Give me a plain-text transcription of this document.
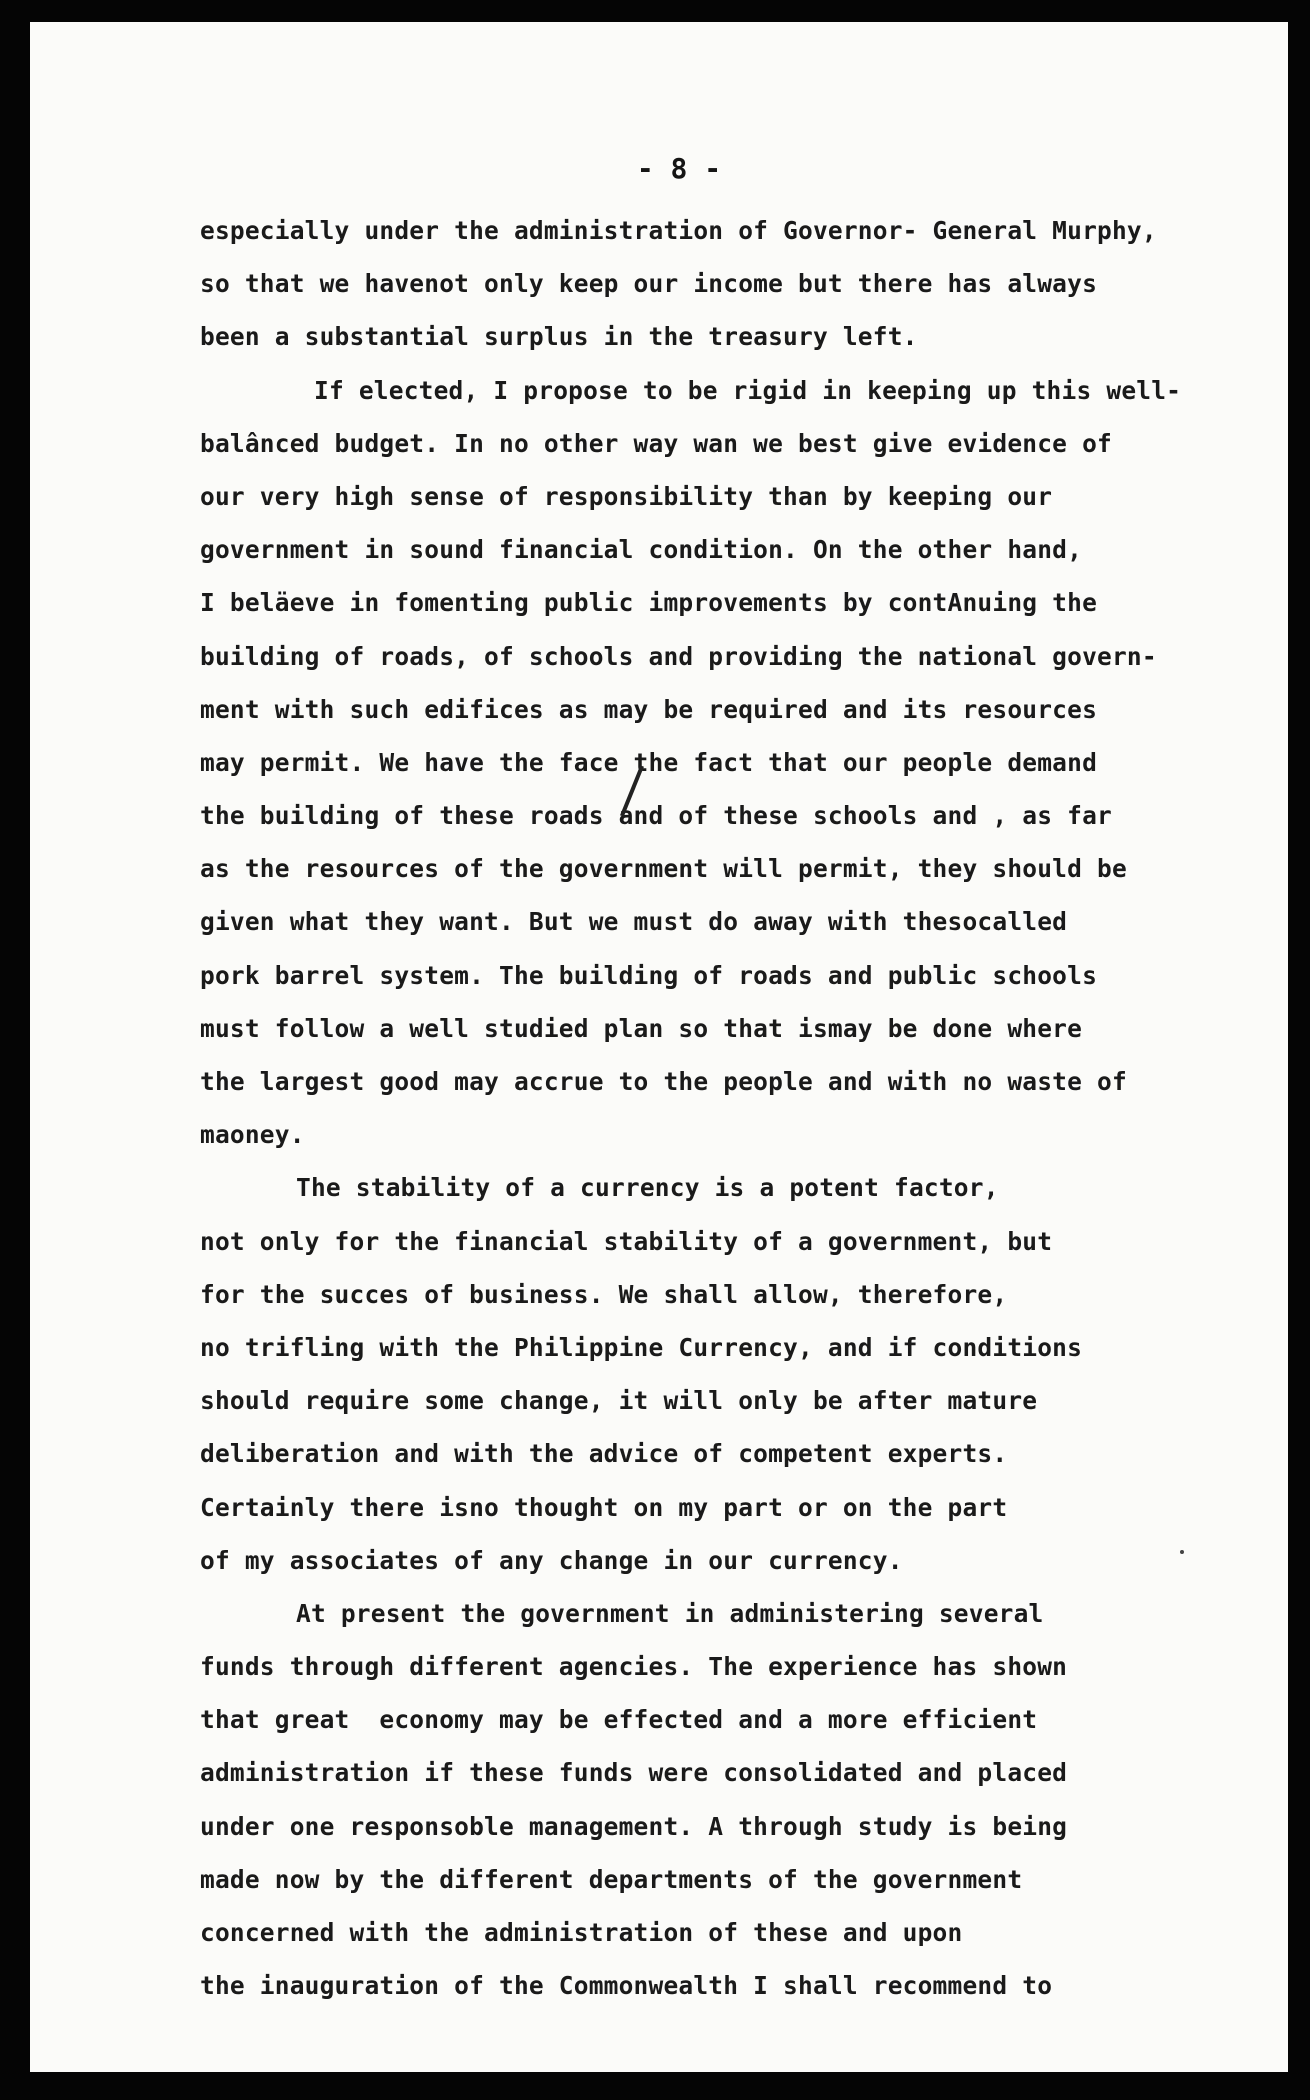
- 8 -
especially under the administration of Governor- General Murphy,
so that we havenot only keep our income but there has always
been a substantial surplus in the treasury left.
If elected, I propose to be rigid in keeping up this well-
balânced budget. In no other way wan we best give evidence of
our very high sense of responsibility than by keeping our
government in sound financial condition. On the other hand,
I beläeve in fomenting public improvements by contAnuing the
building of roads, of schools and providing the national govern-
ment with such edifices as may be required and its resources
may permit. We have the face the fact that our people demand
the building of these roads and of these schools and , as far
as the resources of the government will permit, they should be
given what they want. But we must do away with thesocalled
pork barrel system. The building of roads and public schools
must follow a well studied plan so that ismay be done where
the largest good may accrue to the people and with no waste of
maoney.
The stability of a currency is a potent factor,
not only for the financial stability of a government, but
for the succes of business. We shall allow, therefore,
no trifling with the Philippine Currency, and if conditions
should require some change, it will only be after mature
deliberation and with the advice of competent experts.
Certainly there isno thought on my part or on the part
of my associates of any change in our currency.
At present the government in administering several
funds through different agencies. The experience has shown
that great  economy may be effected and a more efficient
administration if these funds were consolidated and placed
under one responsoble management. A through study is being
made now by the different departments of the government
concerned with the administration of these and upon
the inauguration of the Commonwealth I shall recommend to
